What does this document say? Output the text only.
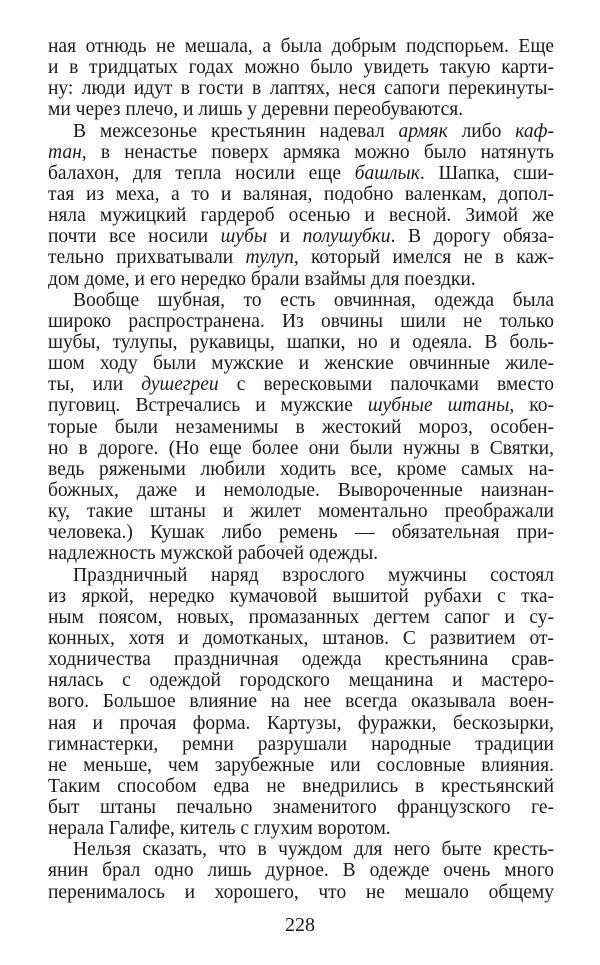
ная отнюдь не мешала, а была добрым подспорьем. Еще
и в тридцатых годах можно было увидеть такую карти-
ну: люди идут в гости в лаптях, неся сапоги перекинуты-
ми через плечо, и лишь у деревни переобуваются.
В межсезонье крестьянин надевал армяк либо каф-
тан, в ненастье поверх армяка можно было натянуть
балахон, для тепла носили еще башлык. Шапка, сши-
тая из меха, а то и валяная, подобно валенкам, допол-
няла мужицкий гардероб осенью и весной. Зимой же
почти все носили шубы и полушубки. В дорогу обяза-
тельно прихватывали тулуп, который имелся не в каж-
дом доме, и его нередко брали взаймы для поездки.
Вообще шубная, то есть овчинная, одежда была
широко распространена. Из овчины шили не только
шубы, тулупы, рукавицы, шапки, но и одеяла. В боль-
шом ходу были мужские и женские овчинные жиле-
ты, или душегреи с вересковыми палочками вместо
пуговиц. Встречались и мужские шубные штаны, ко-
торые были незаменимы в жестокий мороз, особен-
но в дороге. (Но еще более они были нужны в Святки,
ведь ряжеными любили ходить все, кроме самых на-
божных, даже и немолодые. Вывороченные наизнан-
ку, такие штаны и жилет моментально преображали
человека.) Кушак либо ремень — обязательная при-
надлежность мужской рабочей одежды.
Праздничный наряд взрослого мужчины состоял
из яркой, нередко кумачовой вышитой рубахи с тка-
ным поясом, новых, промазанных дегтем сапог и су-
конных, хотя и домотканых, штанов. С развитием от-
ходничества праздничная одежда крестьянина срав-
нялась с одеждой городского мещанина и мастеро-
вого. Большое влияние на нее всегда оказывала воен-
ная и прочая форма. Картузы, фуражки, бескозырки,
гимнастерки, ремни разрушали народные традиции
не меньше, чем зарубежные или сословные влияния.
Таким способом едва не внедрились в крестьянский
быт штаны печально знаменитого французского ге-
нерала Галифе, китель с глухим воротом.
Нельзя сказать, что в чуждом для него быте кресть-
янин брал одно лишь дурное. В одежде очень много
перенималось и хорошего, что не мешало общему
228
